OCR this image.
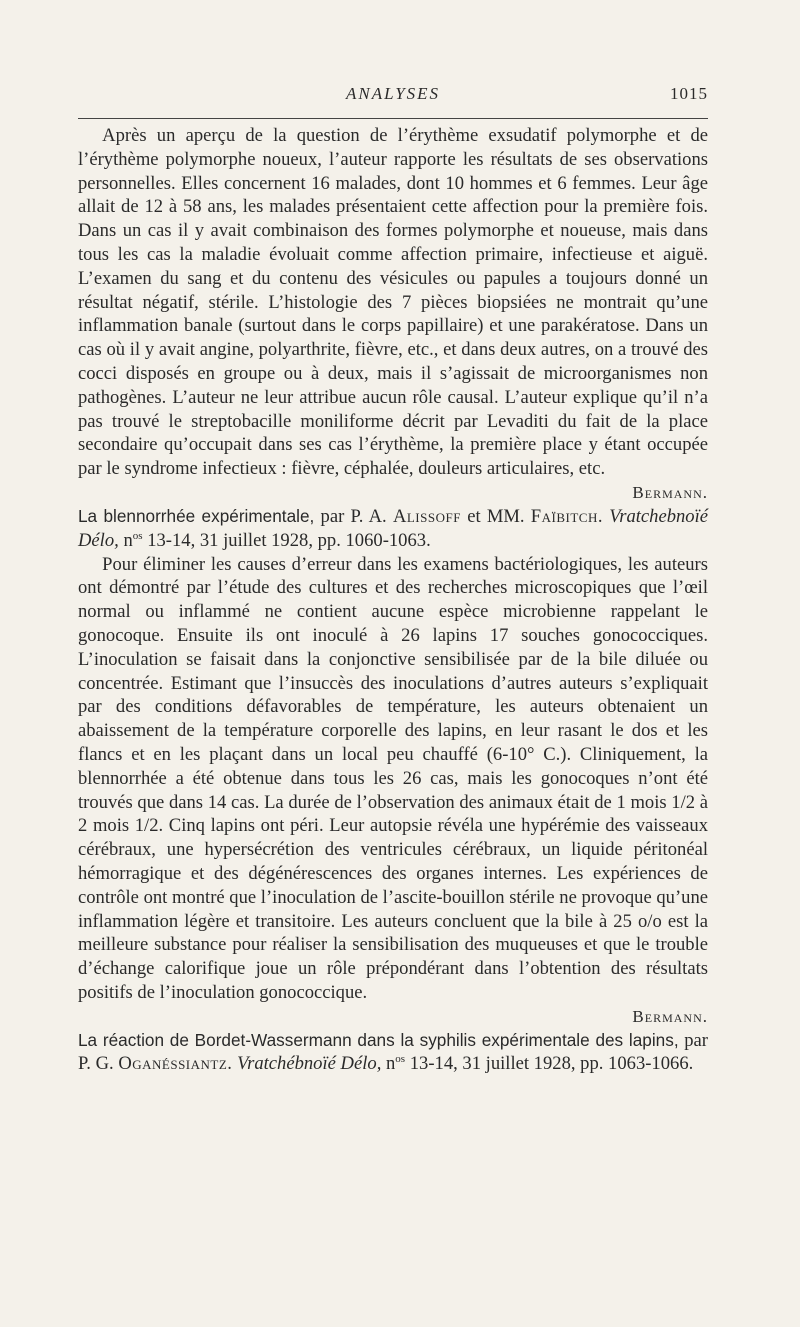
ANALYSES	1015

Après un aperçu de la question de l’érythème exsudatif polymorphe et de l’érythème polymorphe noueux, l’auteur rapporte les résultats de ses observations personnelles. Elles concernent 16 malades, dont 10 hommes et 6 femmes. Leur âge allait de 12 à 58 ans, les malades présentaient cette affection pour la première fois. Dans un cas il y avait combinaison des formes polymorphe et noueuse, mais dans tous les cas la maladie évoluait comme affection primaire, infectieuse et aiguë. L’examen du sang et du contenu des vésicules ou papules a toujours donné un résultat négatif, stérile. L’histologie des 7 pièces biopsiées ne montrait qu’une inflammation banale (surtout dans le corps papillaire) et une parakératose. Dans un cas où il y avait angine, polyarthrite, fièvre, etc., et dans deux autres, on a trouvé des cocci disposés en groupe ou à deux, mais il s’agissait de microorganismes non pathogènes. L’auteur ne leur attribue aucun rôle causal. L’auteur explique qu’il n’a pas trouvé le streptobacille moniliforme décrit par Levaditi du fait de la place secondaire qu’occupait dans ses cas l’érythème, la première place y étant occupée par le syndrome infectieux : fièvre, céphalée, douleurs articulaires, etc.

Bermann.
La blennorrhée expérimentale, par P. A. Alissoff et MM. Faïbitch. Vratchebnoïé Délo, $n^{os}$ 13-14, 31 juillet 1928, pp. 1060-1063.

Pour éliminer les causes d’erreur dans les examens bactériologiques, les auteurs ont démontré par l’étude des cultures et des recherches microscopiques que l’œil normal ou inflammé ne contient aucune espèce microbienne rappelant le gonocoque. Ensuite ils ont inoculé à 26 lapins 17 souches gonococciques. L’inoculation se faisait dans la conjonctive sensibilisée par de la bile diluée ou concentrée. Estimant que l’insuccès des inoculations d’autres auteurs s’expliquait par des conditions défavorables de température, les auteurs obtenaient un abaissement de la température corporelle des lapins, en leur rasant le dos et les flancs et en les plaçant dans un local peu chauffé (6-10° C.). Cliniquement, la blennorrhée a été obtenue dans tous les 26 cas, mais les gonocoques n’ont été trouvés que dans 14 cas. La durée de l’observation des animaux était de 1 mois 1/2 à 2 mois 1/2. Cinq lapins ont péri. Leur autopsie révéla une hypérémie des vaisseaux cérébraux, une hypersécrétion des ventricules cérébraux, un liquide péritonéal hémorragique et des dégénérescences des organes internes. Les expériences de contrôle ont montré que l’inoculation de l’ascite-bouillon stérile ne provoque qu’une inflammation légère et transitoire. Les auteurs concluent que la bile à 25 o/o est la meilleure substance pour réaliser la sensibilisation des muqueuses et que le trouble d’échange calorifique joue un rôle prépondérant dans l’obtention des résultats positifs de l’inoculation gonococcique.

Bermann.
La réaction de Bordet-Wassermann dans la syphilis expérimentale des lapins, par P. G. Oganéssiantz. Vratchébnoïé Délo, $n^{os}$ 13-14, 31 juillet 1928, pp. 1063-1066.
